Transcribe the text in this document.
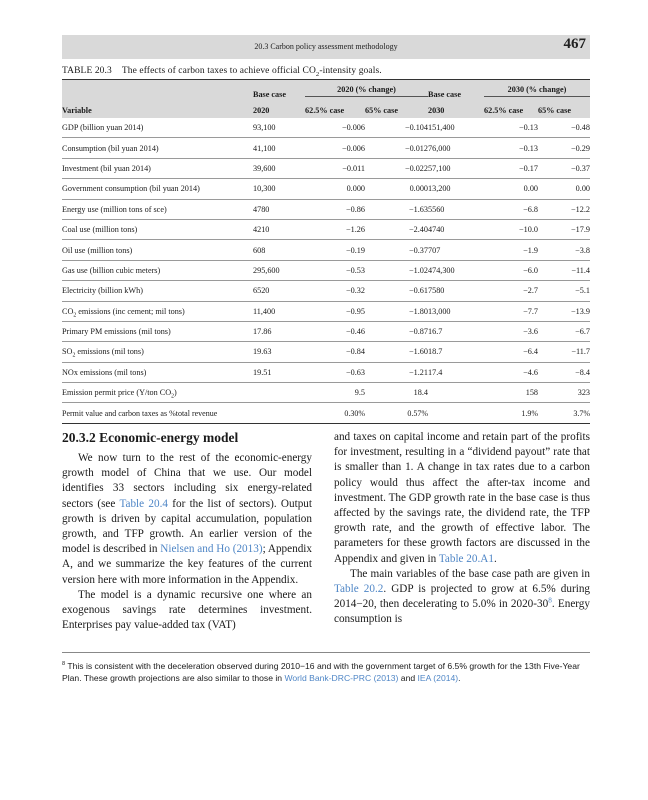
20.3 Carbon policy assessment methodology	467
TABLE 20.3 The effects of carbon taxes to achieve official $CO_2$-intensity goals.

	Base case	2020 (% change)		Base case	2030 (% change)	

Variable	2020	62.5% case	65% case	2030	62.5% case	65% case
GDP (billion yuan 2014)	93,100	−0.006	−0.104	151,400	−0.13	−0.48
Consumption (bil yuan 2014)	41,100	−0.006	−0.012	76,000	−0.13	−0.29
Investment (bil yuan 2014)	39,600	−0.011	−0.022	57,100	−0.17	−0.37
Government consumption (bil yuan 2014)	10,300	0.000	0.000	13,200	0.00	0.00
Energy use (million tons of sce)	4780	−0.86	−1.63	5560	−6.8	−12.2
Coal use (million tons)	4210	−1.26	−2.40	4740	−10.0	−17.9
Oil use (million tons)	608	−0.19	−0.37	707	−1.9	−3.8
Gas use (billion cubic meters)	295,600	−0.53	−1.02	474,300	−6.0	−11.4
Electricity (billion kWh)	6520	−0.32	−0.61	7580	−2.7	−5.1
$CO_2$ emissions (inc cement; mil tons)	11,400	−0.95	−1.80	13,000	−7.7	−13.9
Primary PM emissions (mil tons)	17.86	−0.46	−0.87	16.7	−3.6	−6.7
$SO_2$ emissions (mil tons)	19.63	−0.84	−1.60	18.7	−6.4	−11.7
NOx emissions (mil tons)	19.51	−0.63	−1.21	17.4	−4.6	−8.4
Emission permit price (Y/ton $CO_2$)		9.5	18.4		158	323
Permit value and carbon taxes as %total revenue		0.30%	0.57%		1.9%	3.7%
20.3.2 Economic-energy model

We now turn to the rest of the economic-energy growth model of China that we use. Our model identifies 33 sectors including six energy-related sectors (see Table 20.4 for the list of sectors). Output growth is driven by capital accumulation, population growth, and TFP growth. An earlier version of the model is described in Nielsen and Ho (2013); Appendix A, and we summarize the key features of the current version here with more information in the Appendix.

The model is a dynamic recursive one where an exogenous savings rate determines investment. Enterprises pay value-added tax (VAT)

and taxes on capital income and retain part of the profits for investment, resulting in a “dividend payout” rate that is smaller than 1. A change in tax rates due to a carbon policy would thus affect the after-tax income and investment. The GDP growth rate in the base case is thus affected by the savings rate, the dividend rate, the TFP growth rate, and the growth of effective labor. The parameters for these growth factors are discussed in the Appendix and given in Table 20.A1.

The main variables of the base case path are given in Table 20.2. GDP is projected to grow at 6.5% during 2014−20, then decelerating to 5.0% in $2020-30^8$. Energy consumption is

$^8$ This is consistent with the deceleration observed during 2010−16 and with the government target of 6.5% growth for the 13th Five-Year Plan. These growth projections are also similar to those in World Bank-DRC-PRC (2013) and IEA (2014).
